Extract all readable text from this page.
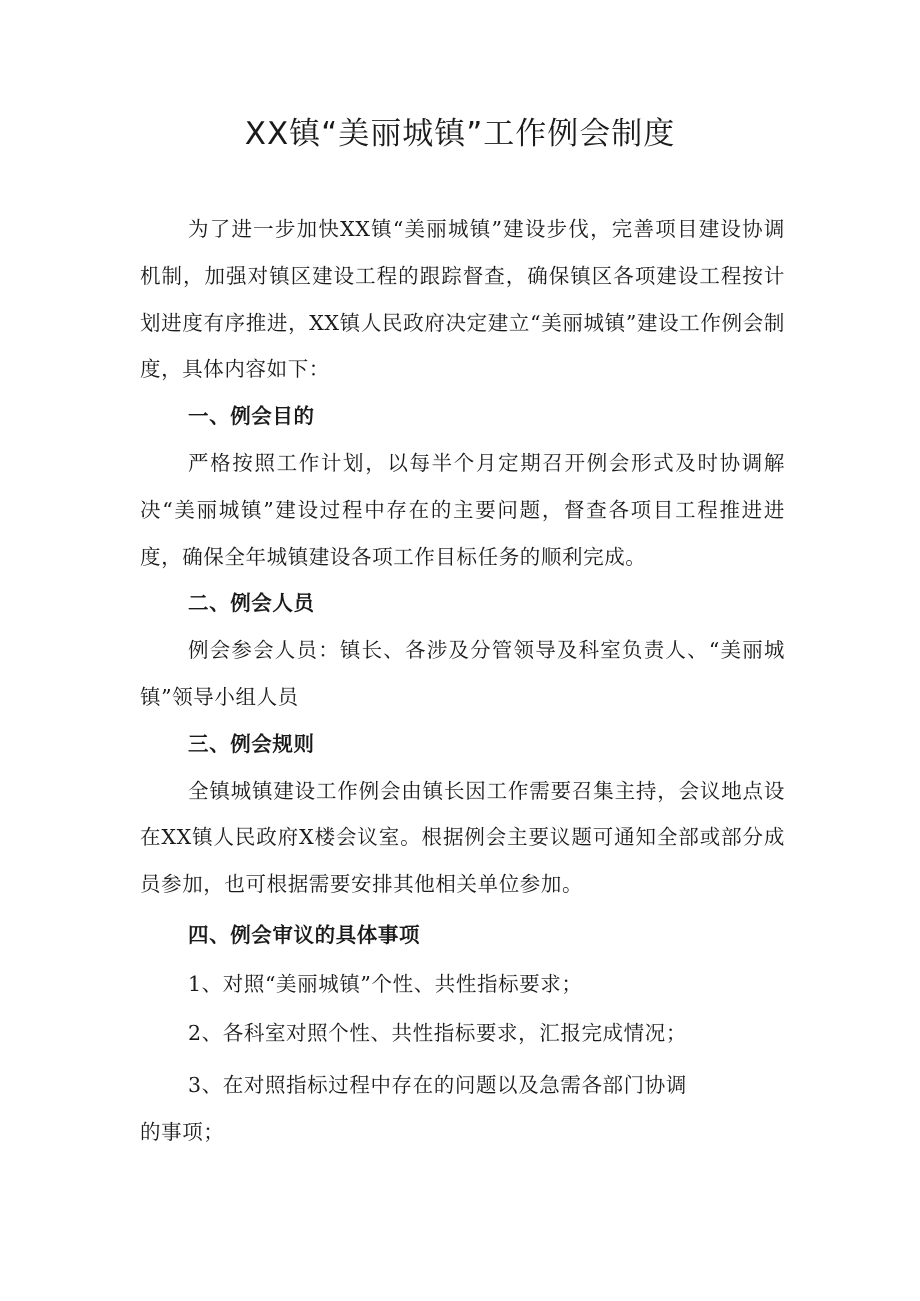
XX镇“美丽城镇”工作例会制度

为了进一步加快XX镇“美丽城镇”建设步伐，完善项目建设协调机制，加强对镇区建设工程的跟踪督查，确保镇区各项建设工程按计划进度有序推进，XX镇人民政府决定建立“美丽城镇”建设工作例会制度，具体内容如下：

一、例会目的

严格按照工作计划，以每半个月定期召开例会形式及时协调解决“美丽城镇”建设过程中存在的主要问题，督查各项目工程推进进度，确保全年城镇建设各项工作目标任务的顺利完成。

二、例会人员

例会参会人员：镇长、各涉及分管领导及科室负责人、“美丽城镇”领导小组人员

三、例会规则

全镇城镇建设工作例会由镇长因工作需要召集主持，会议地点设在XX镇人民政府X楼会议室。根据例会主要议题可通知全部或部分成员参加，也可根据需要安排其他相关单位参加。

四、例会审议的具体事项
1、对照“美丽城镇”个性、共性指标要求；
2、各科室对照个性、共性指标要求，汇报完成情况；
3、在对照指标过程中存在的问题以及急需各部门协调
的事项；
